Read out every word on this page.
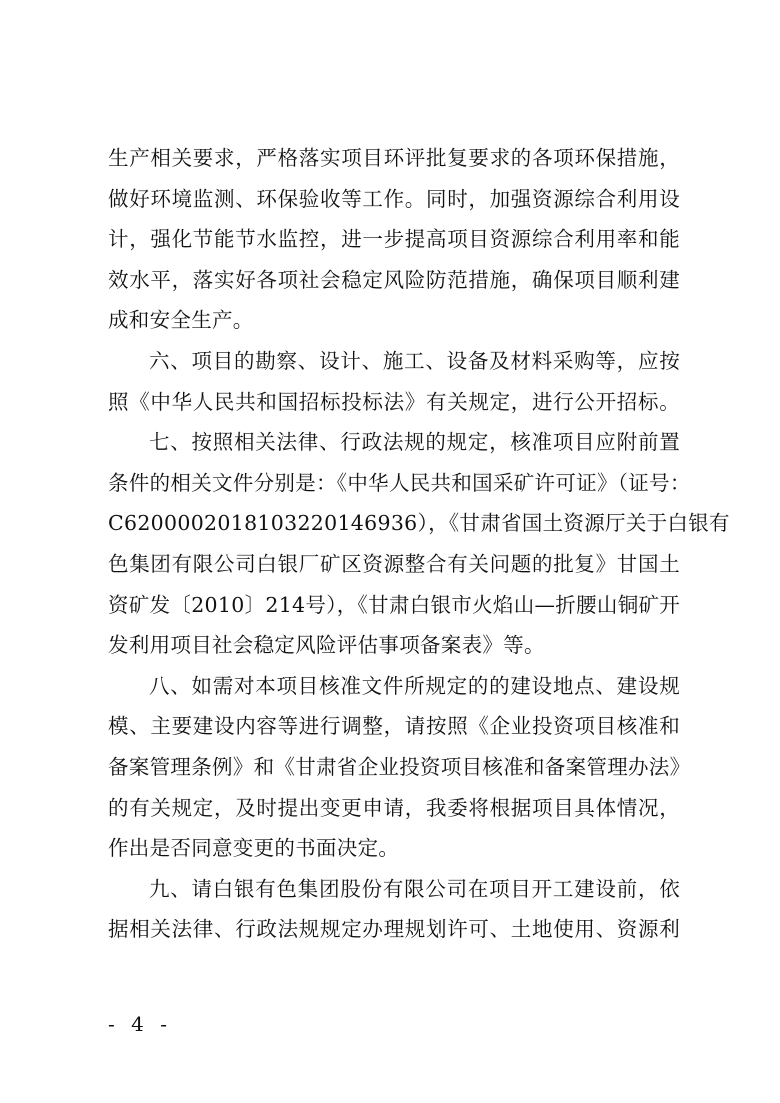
生产相关要求，严格落实项目环评批复要求的各项环保措施，
做好环境监测、环保验收等工作。同时，加强资源综合利用设
计，强化节能节水监控，进一步提高项目资源综合利用率和能
效水平，落实好各项社会稳定风险防范措施，确保项目顺利建
成和安全生产。
六、项目的勘察、设计、施工、设备及材料采购等，应按
照《中华人民共和国招标投标法》有关规定，进行公开招标。
七、按照相关法律、行政法规的规定，核准项目应附前置
条件的相关文件分别是：《中华人民共和国采矿许可证》（证号：
C6200002018103220146936），《甘肃省国土资源厅关于白银有
色集团有限公司白银厂矿区资源整合有关问题的批复》甘国土
资矿发〔2010〕214号），《甘肃白银市火焰山—折腰山铜矿开
发利用项目社会稳定风险评估事项备案表》等。
八、如需对本项目核准文件所规定的的建设地点、建设规
模、主要建设内容等进行调整，请按照《企业投资项目核准和
备案管理条例》和《甘肃省企业投资项目核准和备案管理办法》
的有关规定，及时提出变更申请，我委将根据项目具体情况，
作出是否同意变更的书面决定。
九、请白银有色集团股份有限公司在项目开工建设前，依
据相关法律、行政法规规定办理规划许可、土地使用、资源利
- 4 -
